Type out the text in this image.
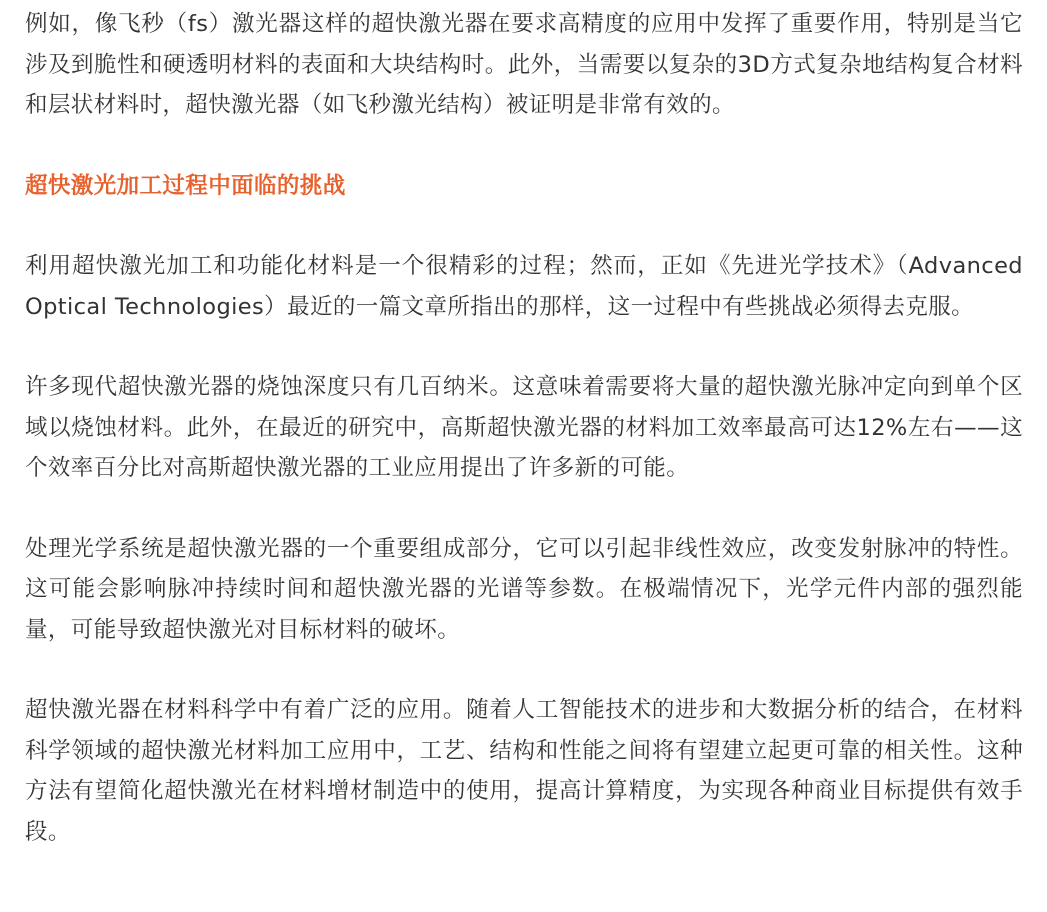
例如，像飞秒（fs）激光器这样的超快激光器在要求高精度的应用中发挥了重要作用，特别是当它涉及到脆性和硬透明材料的表面和大块结构时。此外，当需要以复杂的3D方式复杂地结构复合材料和层状材料时，超快激光器（如飞秒激光结构）被证明是非常有效的。

超快激光加工过程中面临的挑战

利用超快激光加工和功能化材料是一个很精彩的过程；然而，正如《先进光学技术》（Advanced Optical Technologies）最近的一篇文章所指出的那样，这一过程中有些挑战必须得去克服。

许多现代超快激光器的烧蚀深度只有几百纳米。这意味着需要将大量的超快激光脉冲定向到单个区域以烧蚀材料。此外，在最近的研究中，高斯超快激光器的材料加工效率最高可达12%左右——这个效率百分比对高斯超快激光器的工业应用提出了许多新的可能。

处理光学系统是超快激光器的一个重要组成部分，它可以引起非线性效应，改变发射脉冲的特性。这可能会影响脉冲持续时间和超快激光器的光谱等参数。在极端情况下，光学元件内部的强烈能量，可能导致超快激光对目标材料的破坏。

超快激光器在材料科学中有着广泛的应用。随着人工智能技术的进步和大数据分析的结合，在材料科学领域的超快激光材料加工应用中，工艺、结构和性能之间将有望建立起更可靠的相关性。这种方法有望简化超快激光在材料增材制造中的使用，提高计算精度，为实现各种商业目标提供有效手段。
